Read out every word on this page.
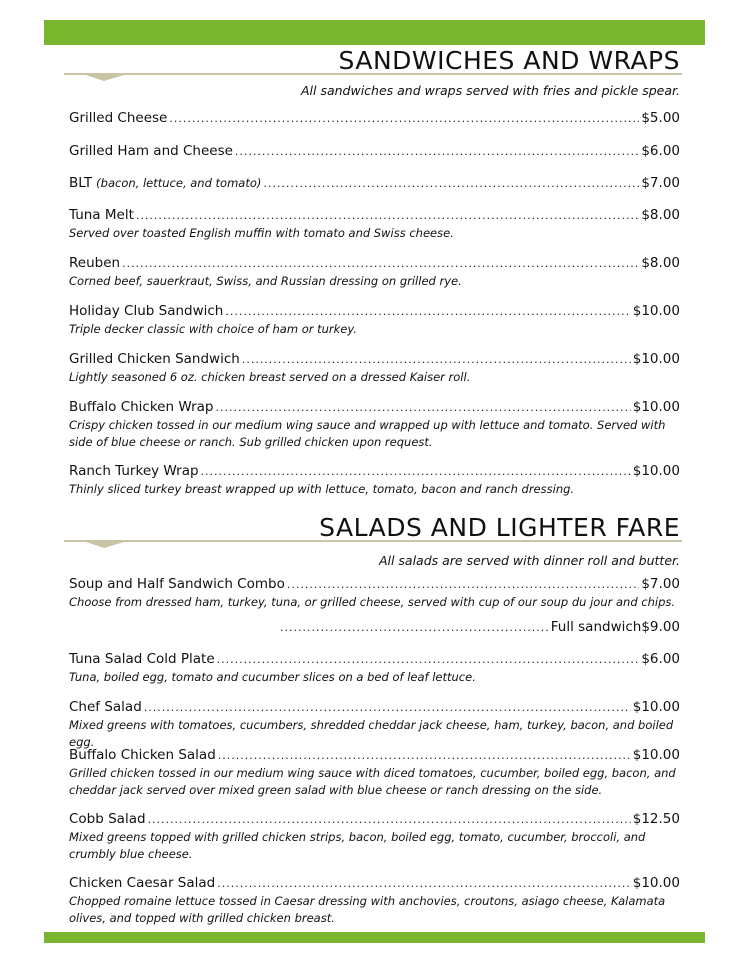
SANDWICHES AND WRAPS
All sandwiches and wraps served with fries and pickle spear.
Grilled Cheese .....	$5.00
Grilled Ham and Cheese .....	$6.00
BLT (bacon, lettuce, and tomato) .....	$7.00
Tuna Melt .....	$8.00
Served over toasted English muffin with tomato and Swiss cheese.
Reuben .....	$8.00
Corned beef, sauerkraut, Swiss, and Russian dressing on grilled rye.
Holiday Club Sandwich .....	$10.00
Triple decker classic with choice of ham or turkey.
Grilled Chicken Sandwich .....	$10.00
Lightly seasoned 6 oz. chicken breast served on a dressed Kaiser roll.
Buffalo Chicken Wrap .....	$10.00
Crispy chicken tossed in our medium wing sauce and wrapped up with lettuce and tomato. Served with side of blue cheese or ranch. Sub grilled chicken upon request.
Ranch Turkey Wrap .....	$10.00
Thinly sliced turkey breast wrapped up with lettuce, tomato, bacon and ranch dressing.
SALADS AND LIGHTER FARE
All salads are served with dinner roll and butter.
Soup and Half Sandwich Combo .....	$7.00
Choose from dressed ham, turkey, tuna, or grilled cheese, served with cup of our soup du jour and chips.
.....
Full sandwich $9.00
Tuna Salad Cold Plate .....	$6.00
Tuna, boiled egg, tomato and cucumber slices on a bed of leaf lettuce.
Chef Salad .....	$10.00
Mixed greens with tomatoes, cucumbers, shredded cheddar jack cheese, ham, turkey, bacon, and boiled egg.
Buffalo Chicken Salad .....	$10.00
Grilled chicken tossed in our medium wing sauce with diced tomatoes, cucumber, boiled egg, bacon, and cheddar jack served over mixed green salad with blue cheese or ranch dressing on the side.
Cobb Salad .....	$12.50
Mixed greens topped with grilled chicken strips, bacon, boiled egg, tomato, cucumber, broccoli, and crumbly blue cheese.
Chicken Caesar Salad .....	$10.00
Chopped romaine lettuce tossed in Caesar dressing with anchovies, croutons, asiago cheese, Kalamata olives, and topped with grilled chicken breast.
